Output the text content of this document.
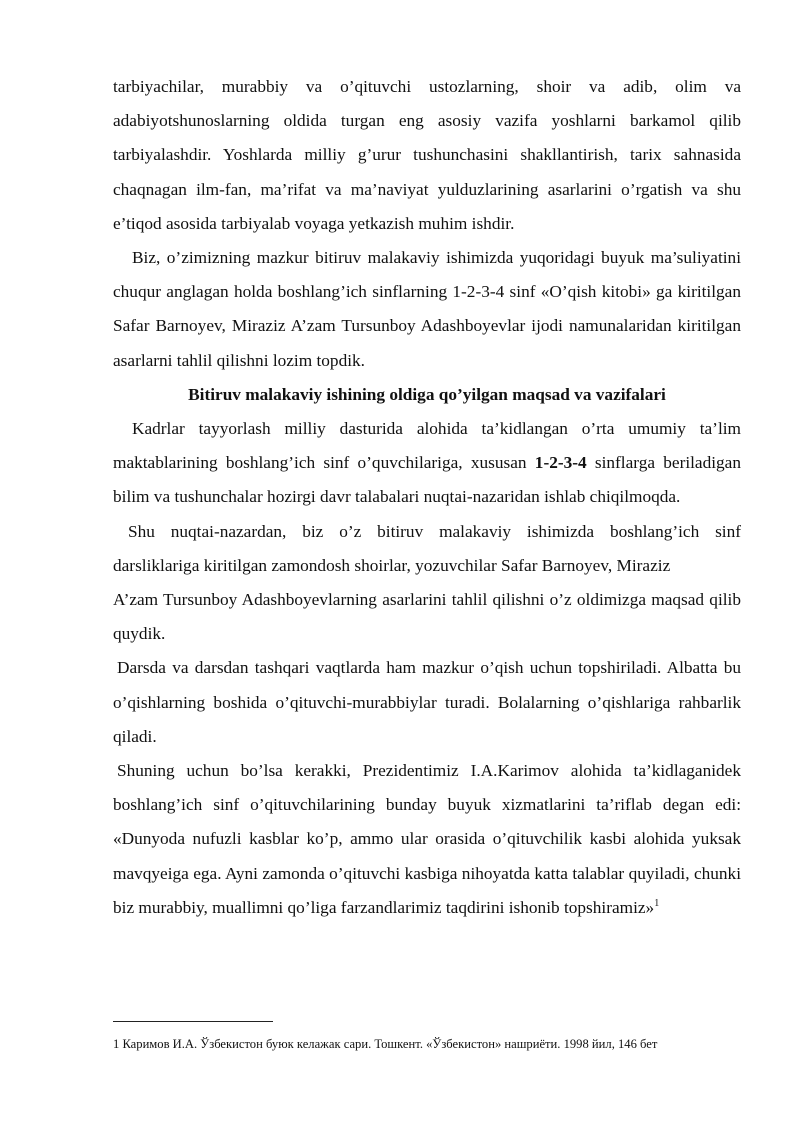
tarbiyachilar, murabbiy va o’qituvchi ustozlarning, shoir va adib, olim va adabiyotshunoslarning oldida turgan eng asosiy vazifa yoshlarni barkamol qilib tarbiyalashdir. Yoshlarda milliy g’urur tushunchasini shakllantirish, tarix sahnasida chaqnagan ilm-fan, ma’rifat va ma’naviyat yulduzlarining asarlarini o’rgatish va shu e’tiqod asosida tarbiyalab voyaga yetkazish muhim ishdir.

Biz, o’zimizning mazkur bitiruv malakaviy ishimizda yuqoridagi buyuk ma’suliyatini chuqur anglagan holda boshlang’ich sinflarning 1-2-3-4 sinf «O’qish kitobi» ga kiritilgan Safar Barnoyev, Miraziz A’zam Tursunboy Adashboyevlar ijodi namunalaridan kiritilgan asarlarni tahlil qilishni lozim topdik.

Bitiruv malakaviy ishining oldiga qo’yilgan maqsad va vazifalari

Kadrlar tayyorlash milliy dasturida alohida ta’kidlangan o’rta umumiy ta’lim maktablarining boshlang’ich sinf o’quvchilariga, xususan 1-2-3-4 sinflarga beriladigan bilim va tushunchalar hozirgi davr talabalari nuqtai-nazaridan ishlab chiqilmoqda.

Shu nuqtai-nazardan, biz o’z bitiruv malakaviy ishimizda boshlang’ich sinf
darsliklariga kiritilgan zamondosh shoirlar, yozuvchilar Safar Barnoyev, Miraziz
A’zam Tursunboy Adashboyevlarning asarlarini tahlil qilishni o’z oldimizga maqsad qilib quydik.

Darsda va darsdan tashqari vaqtlarda ham mazkur o’qish uchun topshiriladi. Albatta bu o’qishlarning boshida o’qituvchi-murabbiylar turadi. Bolalarning o’qishlariga rahbarlik qiladi.

Shuning uchun bo’lsa kerakki, Prezidentimiz I.A.Karimov alohida ta’kidlaganidek boshlang’ich sinf o’qituvchilarining bunday buyuk xizmatlarini ta’riflab degan edi: «Dunyoda nufuzli kasblar ko’p, ammo ular orasida o’qituvchilik kasbi alohida yuksak mavqyeiga ega. Ayni zamonda o’qituvchi kasbiga nihoyatda katta talablar quyiladi, chunki biz murabbiy, muallimni qo’liga farzandlarimiz taqdirini ishonib topshiramiz»$^1$

1 Каримов И.А. Ўзбекистон буюк келажак сари. Тошкент. «Ўзбекистон» нашриёти. 1998 йил, 146 бет
